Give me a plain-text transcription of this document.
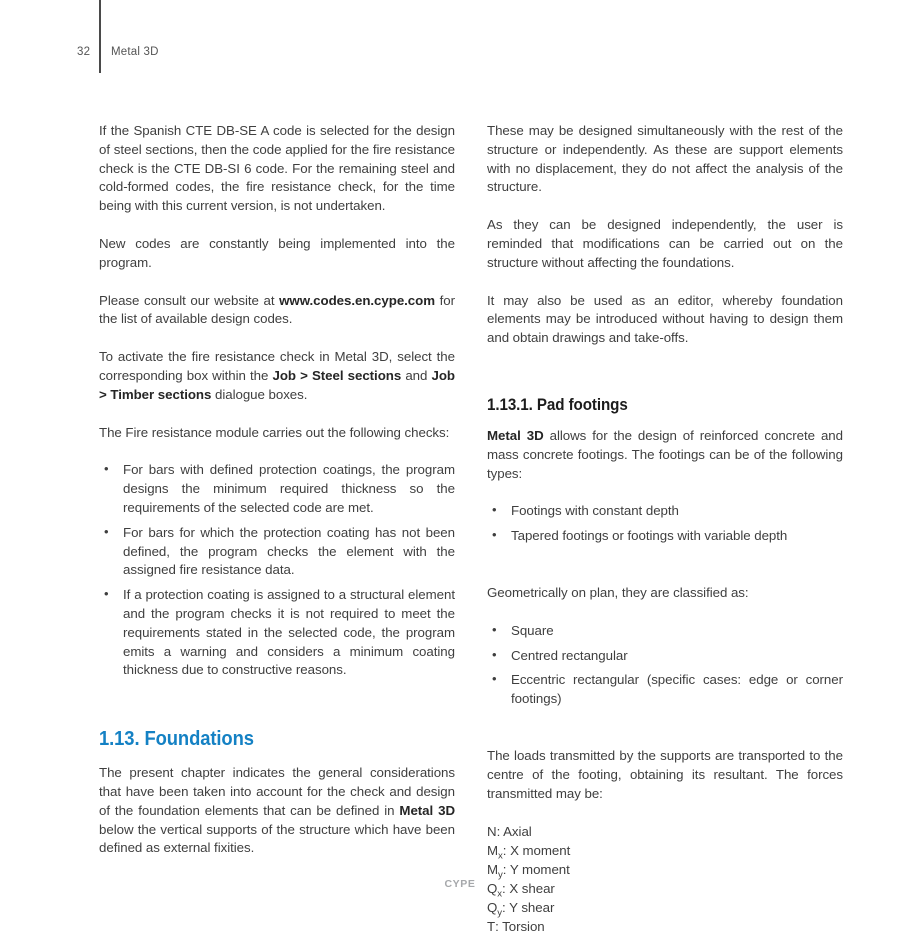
32 Metal 3D

If the Spanish CTE DB-SE A code is selected for the design of steel sections, then the code applied for the fire resistance check is the CTE DB-SI 6 code. For the remaining steel and cold-formed codes, the fire resistance check, for the time being with this current version, is not undertaken.

New codes are constantly being implemented into the program.

Please consult our website at www.codes.en.cype.com for the list of available design codes.

To activate the fire resistance check in Metal 3D, select the corresponding box within the Job > Steel sections and Job > Timber sections dialogue boxes.

The Fire resistance module carries out the following checks:

• For bars with defined protection coatings, the program designs the minimum required thickness so the requirements of the selected code are met.
• For bars for which the protection coating has not been defined, the program checks the element with the assigned fire resistance data.
• If a protection coating is assigned to a structural element and the program checks it is not required to meet the requirements stated in the selected code, the program emits a warning and considers a minimum coating thickness due to constructive reasons.
1.13. Foundations

The present chapter indicates the general considerations that have been taken into account for the check and design of the foundation elements that can be defined in Metal 3D below the vertical supports of the structure which have been defined as external fixities.

These may be designed simultaneously with the rest of the structure or independently. As these are support elements with no displacement, they do not affect the analysis of the structure.

As they can be designed independently, the user is reminded that modifications can be carried out on the structure without affecting the foundations.

It may also be used as an editor, whereby foundation elements may be introduced without having to design them and obtain drawings and take-offs.

1.13.1. Pad footings

Metal 3D allows for the design of reinforced concrete and mass concrete footings. The footings can be of the following types:

• Footings with constant depth
• Tapered footings or footings with variable depth

Geometrically on plan, they are classified as:

• Square
• Centred rectangular
• Eccentric rectangular (specific cases: edge or corner footings)

The loads transmitted by the supports are transported to the centre of the footing, obtaining its resultant. The forces transmitted may be:

N: Axial
$M_x$: X moment
$M_y$: Y moment
$Q_x$: X shear
$Q_y$: Y shear
T: Torsion
CYPE
